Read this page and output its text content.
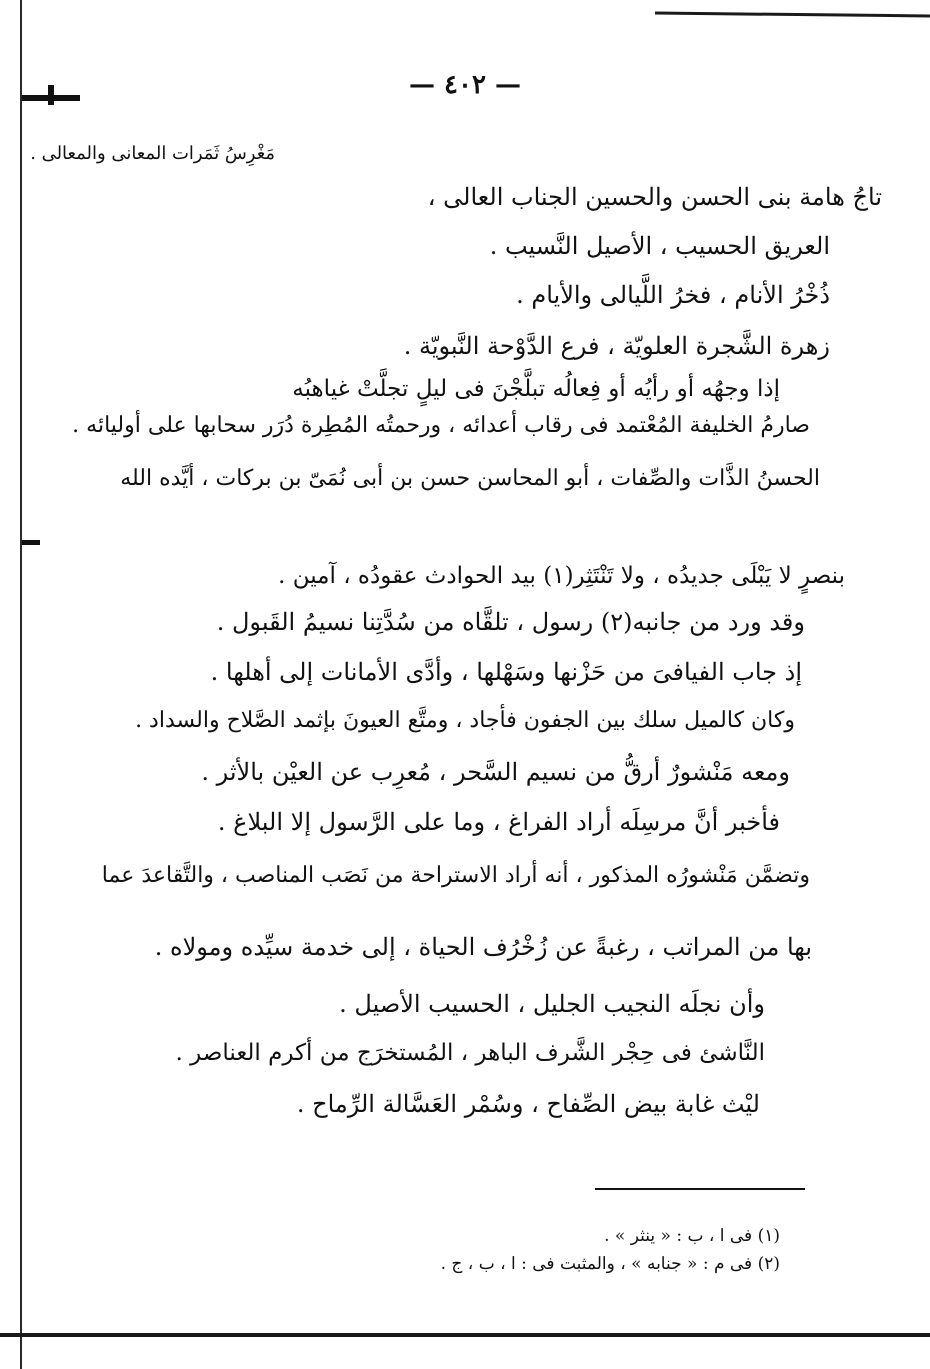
— ٤٠٢ —
مَغْرِسُ ثَمَرات المعانى والمعالى .
تاجُ هامة بنى الحسن والحسين الجناب العالى ،
العريق الحسيب ، الأصيل النَّسيب .
ذُخْرُ الأنام ، فخرُ اللَّيالى والأيام .
زهرة الشَّجرة العلويّة ، فرع الدَّوْحة النَّبويّة .
إذا وجهُه أو رأيُه أو فِعالُه تبلَّجْنَ فى ليلٍ تجلَّتْ غياهبُه
صارمُ الخليفة المُعْتمد فى رقاب أعدائه ، ورحمتُه المُطِرة دُرَر سحابها على أوليائه .
الحسنُ الذَّات والصِّفات ، أبو المحاسن حسن بن أبى نُمَىّ بن بركات ، أيَّده الله
بنصرٍ لا يَبْلَى جديدُه ، ولا تَنْتَثِر(١) بيد الحوادث عقودُه ، آمين .
وقد ورد من جانبه(٢) رسول ، تلقَّاه من سُدَّتِنا نسيمُ القَبول .
إذ جاب الفيافىَ من حَزْنها وسَهْلها ، وأدَّى الأمانات إلى أهلها .
وكان كالميل سلك بين الجفون فأجاد ، ومتَّع العيونَ بإثمد الصَّلاح والسداد .
ومعه مَنْشورٌ أرقُّ من نسيم السَّحر ، مُعرِب عن العيْن بالأثر .
فأخبر أنَّ مرسِلَه أراد الفراغ ، وما على الرَّسول إلا البلاغ .
وتضمَّن مَنْشورُه المذكور ، أنه أراد الاستراحة من نَصَب المناصب ، والتَّقاعدَ عما
بها من المراتب ، رغبةً عن زُخْرُف الحياة ، إلى خدمة سيِّده ومولاه .
وأن نجلَه النجيب الجليل ، الحسيب الأصيل .
النَّاشئ فى حِجْر الشَّرف الباهر ، المُستخرَج من أكرم العناصر .
ليْث غابة بيض الصِّفاح ، وسُمْر العَسَّالة الرِّماح .
(١) فى ا ، ب : « ينثر » .
(٢) فى م : « جنابه » ، والمثبت فى : ا ، ب ، ج .
